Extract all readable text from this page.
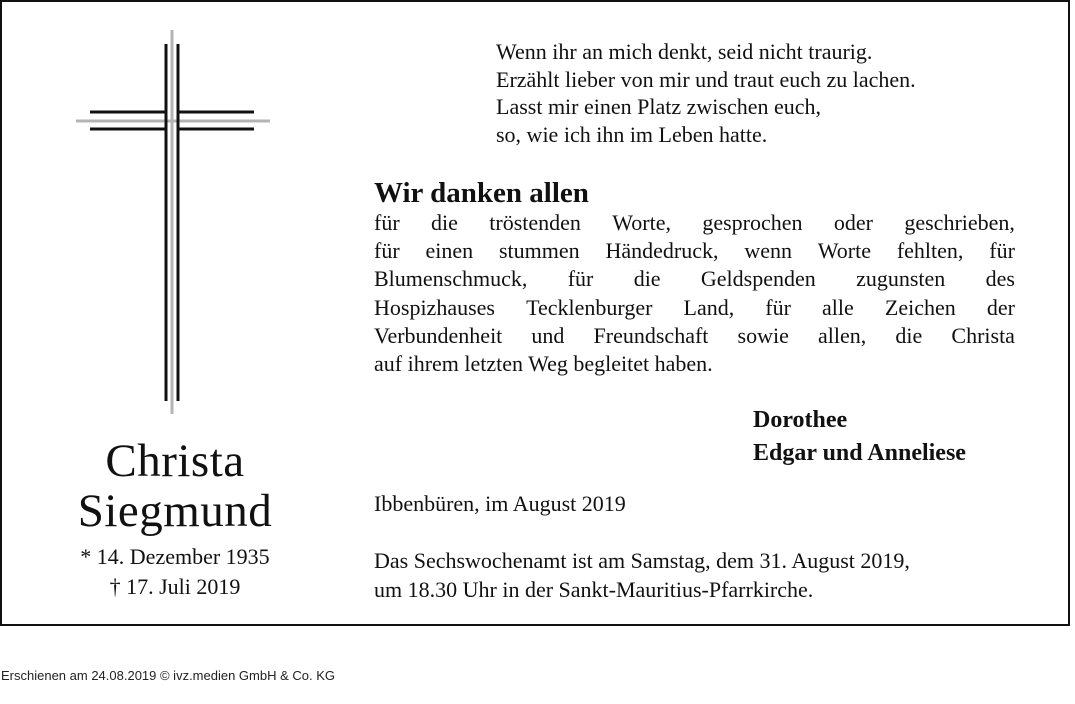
Christa
Siegmund
* 14. Dezember 1935
† 17. Juli 2019
Wenn ihr an mich denkt, seid nicht traurig.
Erzählt lieber von mir und traut euch zu lachen.
Lasst mir einen Platz zwischen euch,
so, wie ich ihn im Leben hatte.
Wir danken allen
für die tröstenden Worte, gesprochen oder geschrieben,
für einen stummen Händedruck, wenn Worte fehlten, für
Blumenschmuck, für die Geldspenden zugunsten des
Hospizhauses Tecklenburger Land, für alle Zeichen der
Verbundenheit und Freundschaft sowie allen, die Christa
auf ihrem letzten Weg begleitet haben.
Dorothee
Edgar und Anneliese
Ibbenbüren, im August 2019
Das Sechswochenamt ist am Samstag, dem 31. August 2019,
um 18.30 Uhr in der Sankt-Mauritius-Pfarrkirche.
Erschienen am 24.08.2019 © ivz.medien GmbH & Co. KG
